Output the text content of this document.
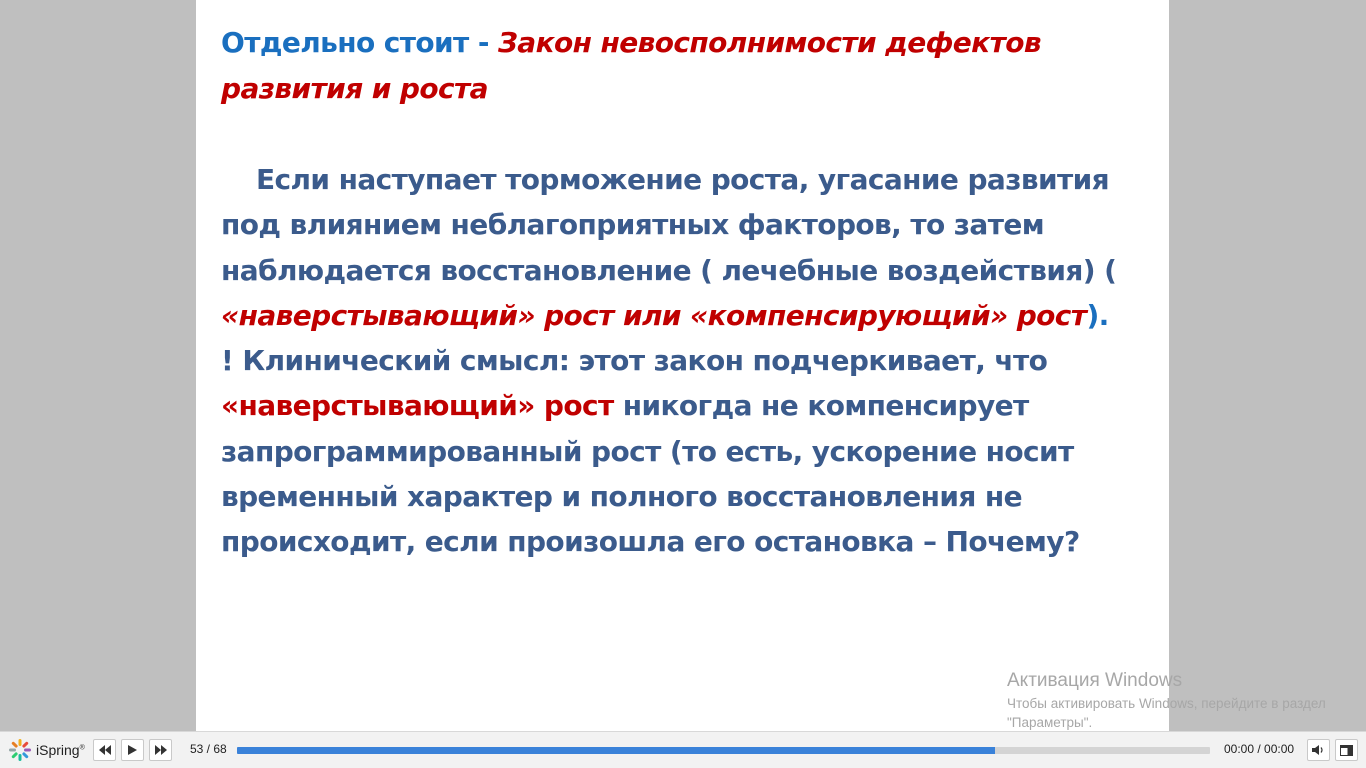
Отдельно стоит - Закон невосполнимости дефектов развития и роста

Если наступает торможение роста, угасание развития под влиянием неблагоприятных факторов, то затем наблюдается восстановление ( лечебные воздействия) ( «наверстывающий» рост или «компенсирующий» рост).

! Клинический смысл: этот закон подчеркивает, что «наверстывающий» рост никогда не компенсирует запрограммированный рост (то есть, ускорение носит временный характер и полного восстановления не происходит, если произошла его остановка – Почему?

Активация Windows
Чтобы активировать Windows, перейдите в раздел "Параметры".
iSpring®	53 / 68	00:00 / 00:00
